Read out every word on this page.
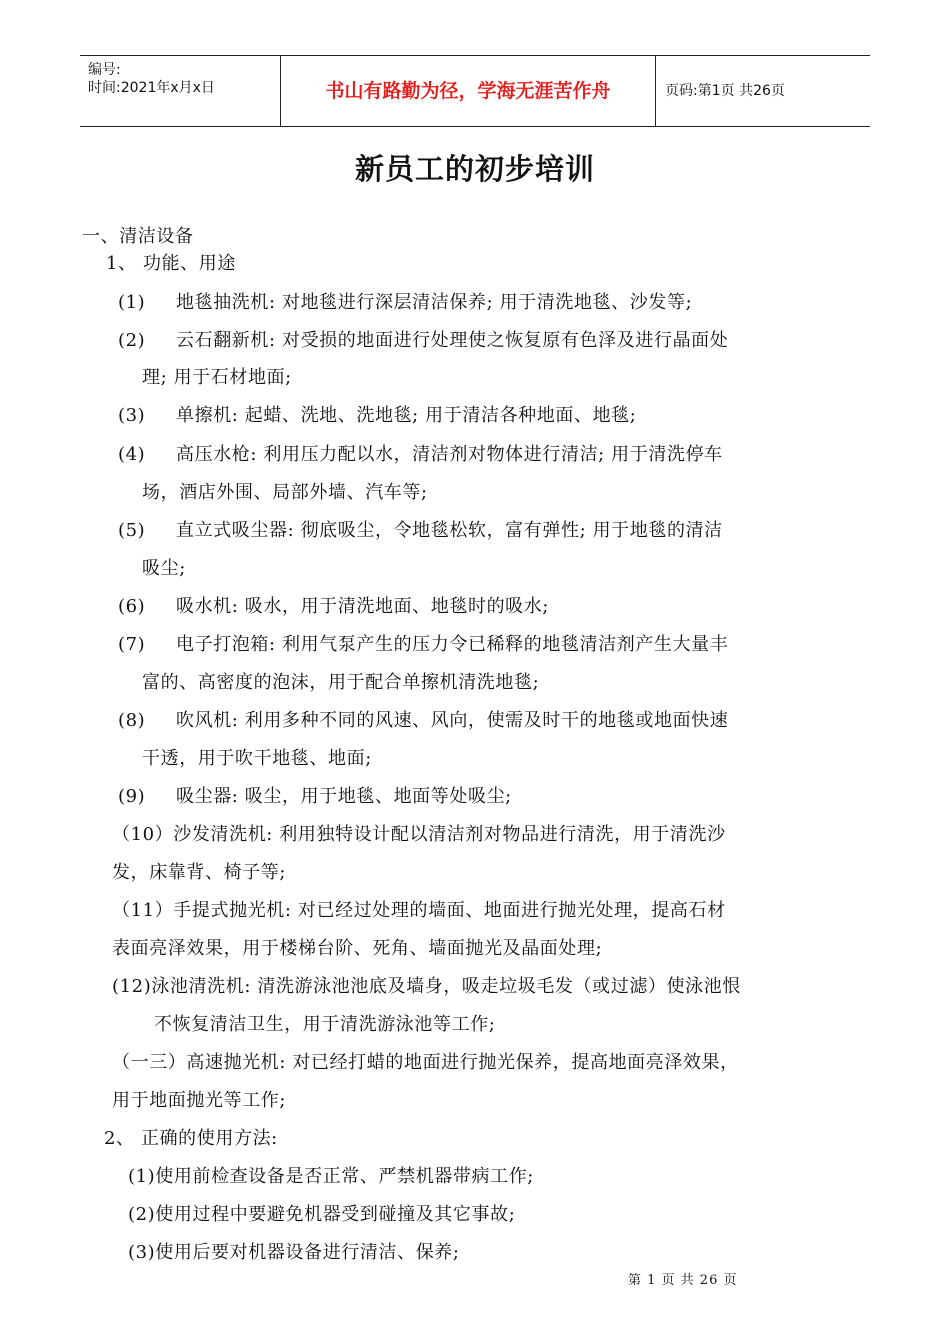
编号:
时间:2021年x月x日	书山有路勤为径，学海无涯苦作舟	页码:第1页 共26页
新员工的初步培训
一、清洁设备
1、 功能、用途
(1) 地毯抽洗机: 对地毯进行深层清洁保养; 用于清洗地毯、沙发等;
(2) 云石翻新机: 对受损的地面进行处理使之恢复原有色泽及进行晶面处
理; 用于石材地面;
(3) 单擦机: 起蜡、洗地、洗地毯; 用于清洁各种地面、地毯;
(4) 高压水枪: 利用压力配以水，清洁剂对物体进行清洁; 用于清洗停车
场，酒店外围、局部外墙、汽车等;
(5) 直立式吸尘器: 彻底吸尘，令地毯松软，富有弹性; 用于地毯的清洁
吸尘;
(6) 吸水机: 吸水，用于清洗地面、地毯时的吸水;
(7) 电子打泡箱: 利用气泵产生的压力令已稀释的地毯清洁剂产生大量丰
富的、高密度的泡沫，用于配合单擦机清洗地毯;
(8) 吹风机: 利用多种不同的风速、风向，使需及时干的地毯或地面快速
干透，用于吹干地毯、地面;
(9) 吸尘器: 吸尘，用于地毯、地面等处吸尘;
（10）沙发清洗机: 利用独特设计配以清洁剂对物品进行清洗，用于清洗沙
发，床靠背、椅子等;
（11）手提式抛光机: 对已经过处理的墙面、地面进行抛光处理，提高石材
表面亮泽效果，用于楼梯台阶、死角、墙面抛光及晶面处理;
(12)泳池清洗机: 清洗游泳池池底及墙身，吸走垃圾毛发（或过滤）使泳池恨
不恢复清洁卫生，用于清洗游泳池等工作;
（一三）高速抛光机: 对已经打蜡的地面进行抛光保养，提高地面亮泽效果，
用于地面抛光等工作;
2、 正确的使用方法:
(1)使用前检查设备是否正常、严禁机器带病工作;
(2)使用过程中要避免机器受到碰撞及其它事故;
(3)使用后要对机器设备进行清洁、保养;
第 1 页 共 26 页
